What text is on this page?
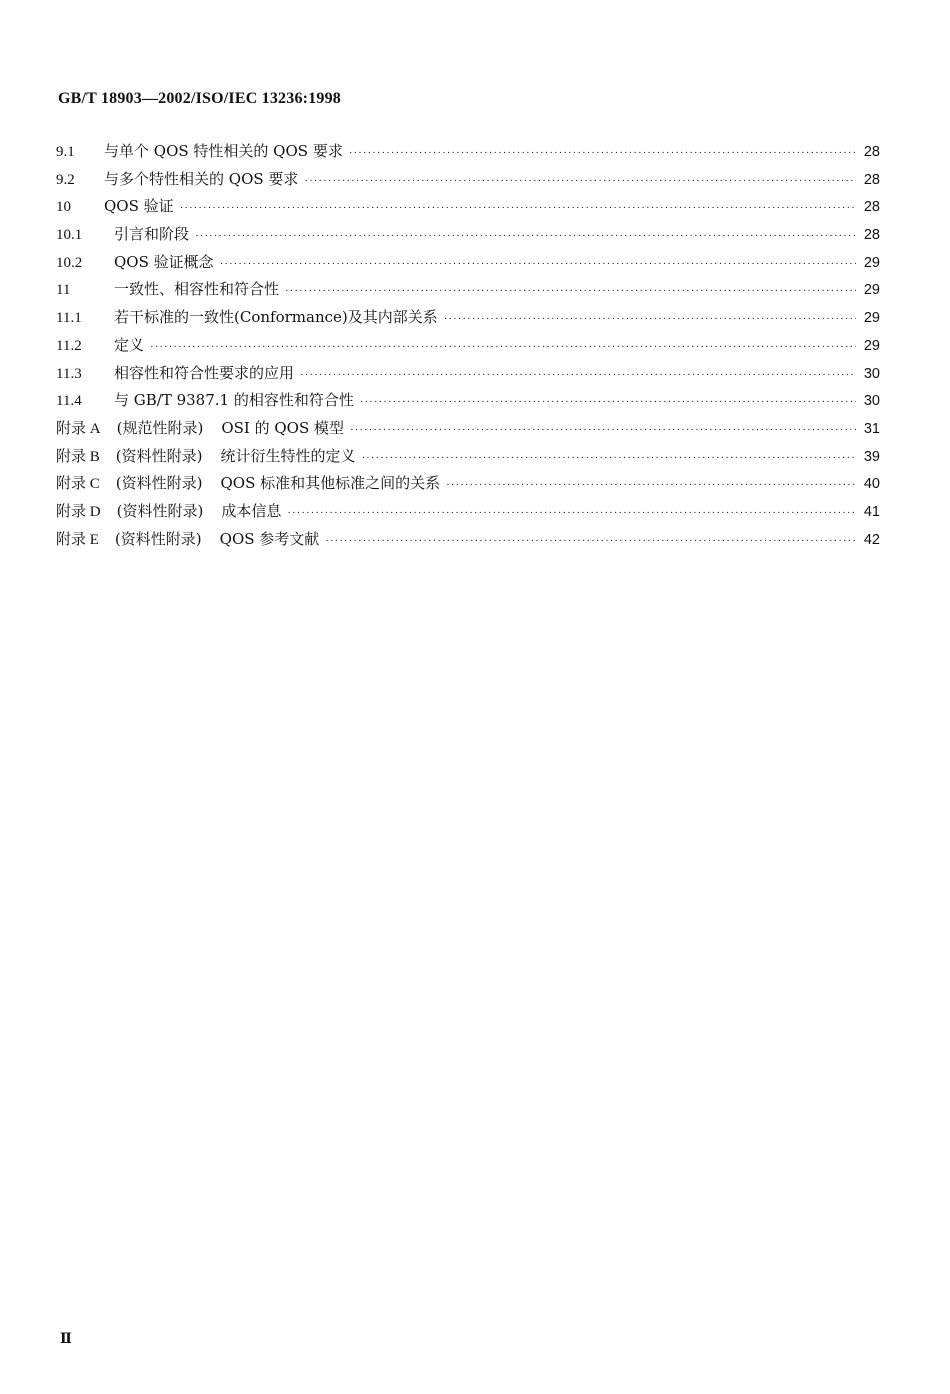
GB/T 18903—2002/ISO/IEC 13236:1998
9.1	与单个 QOS 特性相关的 QOS 要求 ·····	28
9.2	与多个特性相关的 QOS 要求 ·····	28
10	QOS 验证 ·····	28
10.1	引言和阶段 ·····	28
10.2	QOS 验证概念 ·····	29
11	一致性、相容性和符合性 ·····	29
11.1	若干标准的一致性(Conformance)及其内部关系 ·····	29
11.2	定义 ·····	29
11.3	相容性和符合性要求的应用 ·····	30
11.4	与 GB/T 9387.1 的相容性和符合性 ·····	30
附录 A (规范性附录) OSI 的 QOS 模型 ·····	31
附录 B (资料性附录) 统计衍生特性的定义 ·····	39
附录 C (资料性附录) QOS 标准和其他标准之间的关系 ·····	40
附录 D (资料性附录) 成本信息 ·····	41
附录 E (资料性附录) QOS 参考文献 ·····	42
Ⅱ
